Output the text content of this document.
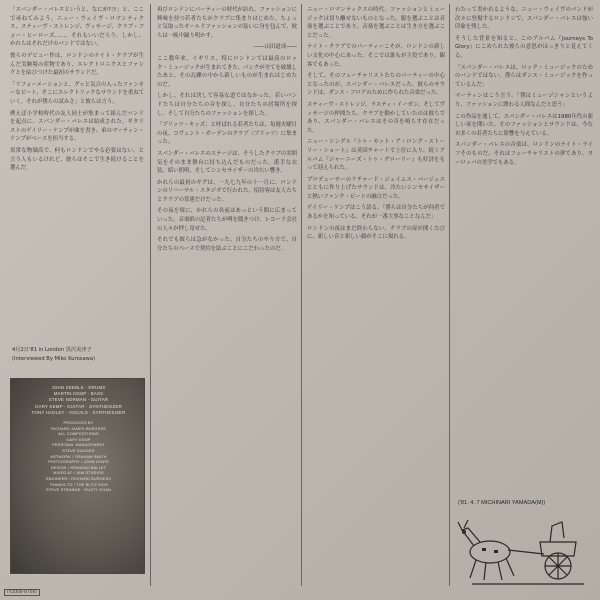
「スパンダー・バレエというと、なにが?ヨ」と、ここで尋ねてみよう。ニュー・ウェイヴ・ロマンティクス、スティーヴ・ストレンジ、ヴィサージ、クラブ・フォー・ヒーローズ……。それもいいだろう。しかし、かれらはそれだけのバンドではない。

彼らのデビュー作は、ロンドンのナイト・クラブが生んだ実験場の産物であり、エレクトロニクスとファンクとを結びつけた最初のサウンドだ。

「リフォーメーションと、グッと気合の入ったファンキーなビート、そこにエレクトリックなサウンドを重ねていく。それが僕らの試みさ」と彼らは言う。

例えば小学校時代の友人同士が集まって組んだバンドを起点に、スパンダー・バレエは結成された。ギタリストのゲイリー・ケンプが曲を書き、弟のマーティン・ケンプがベースを担当する。

異常な物価高で、何もロンドンでやる必要はない、と言う人もいるけれど、彼らはそこで生き続けることを選んだ。

4月2日'81 in London 黒沢美津子
(Interviewed By Miko Kurosawa)
JOHN KEEBLE - DRUMS
MARTIN KEMP - BASS
STEVE NORMAN - GUITAR
GARY KEMP - GUITAR · SYNTHESIZER
TONY HADLEY - VOCALS · SYNTHESIZER
PRODUCED BY
RICHARD JAMES BURGESS
ALL COMPOSITIONS
GARY KEMP
PERSONAL MANAGEMENT
STEVE DAGGER
ARTWORK / GRAHAM SMITH
PHOTOGRAPHY / JOHN LEWIS
DESIGN / SPANDAU BALLET
MIXED AT / JAM STUDIOS
ENGINEER / RICHARD BURGESS
THANKS TO / THE BLITZ KIDS
STEVE STRANGE · RUSTY EGAN

再びロンドンにパーティーの時代が訪れ、ファッションに興味を持つ若者たちがクラブに集まりはじめた。ちょっと気取ったオールドファッションの装いに身を包んで、彼らは一晩中踊り明かす。

――山田道成――

ここ数年来、イギリス、特にロンドンでは最高のロック・ミュージックが生まれてきた。パンクが全てを破壊したあと、その瓦礫の中から新しいものが生まれはじめたのだ。

しかし、それは決して容易な道ではなかった。若いバンドたちは自分たちの音を探し、自分たちの居場所を探し、そして自分たちのファッションを探した。

「ブリッツ・キッズ」と呼ばれる若者たちは、毎週火曜日の夜、コヴェント・ガーデンのクラブ〈ブリッツ〉に集まった。

スパンダー・バレエのステージは、そうしたクラブの雰囲気をそのまま舞台に持ち込んだものだった。派手な衣装、暗い照明、そしてシンセサイザーの冷たい響き。

かれらの最初のギグは、一九七九年の十一月に、ロンドンのリハーサル・スタジオで行われた。招待客は友人たちとクラブの常連だけだった。

その夜を境に、かれらの名前はあっという間に広まっていった。音楽紙の記者たちが噂を聞きつけ、レコード会社の人々が押し寄せた。

それでも彼らは急がなかった。自分たちのやり方で、自分たちのペースで契約を結ぶことにこだわったのだ。

ニュー・ロマンティクスの時代、ファッションとミュージックは切り離せないものとなった。服を選ぶことは音楽を選ぶことであり、音楽を選ぶことは生き方を選ぶことだった。

ナイト・クラブでのパーティーこそが、ロンドンの新しい文化の中心にあった。そこでは誰もが主役であり、観客でもあった。

そして、そのフューチャリストたちのパーティーの中心となったのが、スパンダー・バレエだった。彼らのサウンドは、ダンス・フロアのために作られた音楽だった。

スティーヴ・ストレンジ、ラスティ・イーガン、そしてヴィサージの仲間たち。クラブを動かしていたのは彼らであり、スパンダー・バレエはその音を鳴らす存在だった。

ニュー・シングル『トゥ・カット・ア・ロング・ストーリー・ショート』は英国チャートで上位に入り、続くアルバム『ジャーニーズ・トゥ・グローリー』も好評をもって迎えられた。

プロデューサーのリチャード・ジェイムス・バージェスとともに作り上げたサウンドは、冷たいシンセサイザーと熱いファンク・ビートの融合だった。

ゲイリー・ケンプはこう語る。「僕らは自分たちが何者であるかを知っている。それが一番大事なことなんだ」

ロンドンの夜はまだ終わらない。クラブの扉が開くたびに、新しい音と新しい顔がそこに現れる。

わたって書かれるような、ニュー・ウェイヴのバンドが次々に登場するロンドンで、スパンダー・バレエは強い印象を残した。

そうした背景を知ると、このアルバム『Journeys To Glory』にこめられた彼らの意思がはっきりと見えてくる。

「スパンダー・バレエは、ロック・ミュージックのためのバンドではない。僕らはダンス・ミュージックを作っているんだ」

マーティンはこう言う。「僕はミュージシャンというより、ファッションに関わる人間なんだと思う」

この作品を通して、スパンダー・バレエは1980年代の新しい扉を開いた。そのファッションとサウンドは、今なお多くの若者たちに影響を与えている。

スパンダー・バレエの音楽は、ロンドンのナイト・ライフそのものだ。それはフューチャリストの夢であり、ヨーロッパの美学でもある。

('81. 4. 7 MICHINARI YAMADA(M))
(Y2000-8704)
